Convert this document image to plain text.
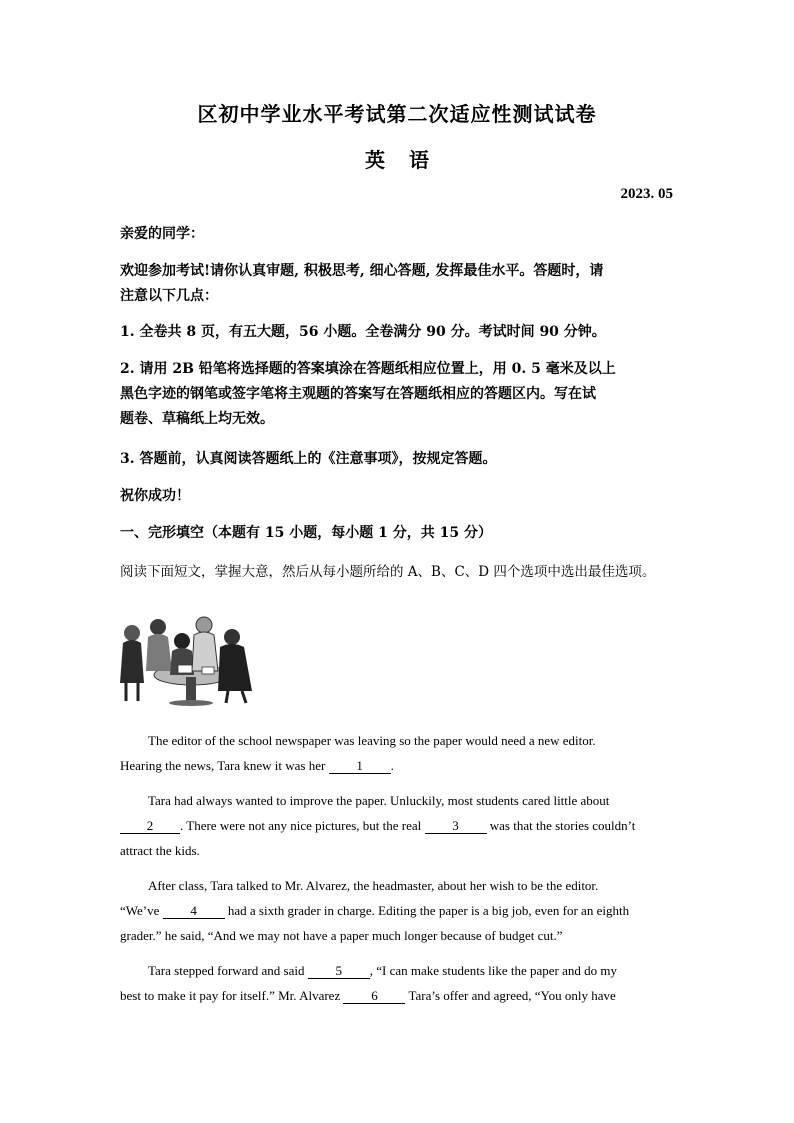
区初中学业水平考试第二次适应性测试试卷
英 语
2023. 05
亲爱的同学：
欢迎参加考试!请你认真审题, 积极思考, 细心答题, 发挥最佳水平。答题时，请
注意以下几点：
1. 全卷共 8 页，有五大题，56 小题。全卷满分 90 分。考试时间 90 分钟。
2. 请用 2B 铅笔将选择题的答案填涂在答题纸相应位置上，用 0. 5 毫米及以上
黑色字迹的钢笔或签字笔将主观题的答案写在答题纸相应的答题区内。写在试
题卷、草稿纸上均无效。
3. 答题前，认真阅读答题纸上的《注意事项》，按规定答题。
祝你成功！
一、完形填空（本题有 15 小题，每小题 1 分，共 15 分）
阅读下面短文，掌握大意，然后从每小题所给的 A、B、C、D 四个选项中选出最佳选项。

The editor of the school newspaper was leaving so the paper would need a new editor.

Hearing the news, Tara knew it was her 1 .

Tara had always wanted to improve the paper. Unluckily, most students cared little about

2 . There were not any nice pictures, but the real 3 was that the stories couldn’t

attract the kids.

After class, Tara talked to Mr. Alvarez, the headmaster, about her wish to be the editor.

“We’ve 4 had a sixth grader in charge. Editing the paper is a big job, even for an eighth

grader.” he said, “And we may not have a paper much longer because of budget cut.”

Tara stepped forward and said 5 , “I can make students like the paper and do my

best to make it pay for itself.” Mr. Alvarez 6 Tara’s offer and agreed, “You only have
